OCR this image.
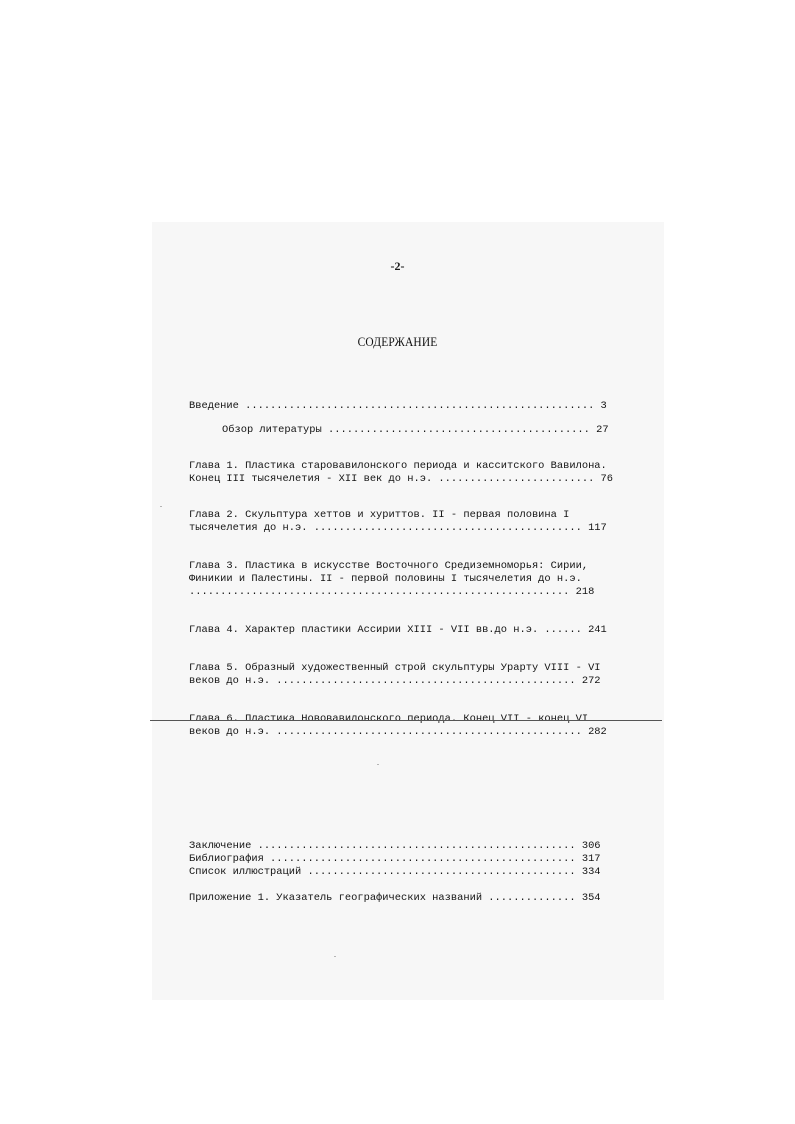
-2-
СОДЕРЖАНИЕ
Введение ........................................................ 3
Обзор литературы .......................................... 27
Глава 1. Пластика старовавилонского периода и касситского Вавилона.
Конец III тысячелетия - XII век до н.э. ......................... 76
Глава 2. Скульптура хеттов и хуриттов. II - первая половина I
тысячелетия до н.э. ........................................... 117
Глава 3. Пластика в искусстве Восточного Средиземноморья: Сирии,
Финикии и Палестины. II - первой половины I тысячелетия до н.э.
............................................................. 218
Глава 4. Характер пластики Ассирии XIII - VII вв.до н.э. ...... 241
Глава 5. Образный художественный строй скульптуры Урарту VIII - VI
веков до н.э. ................................................ 272
Глава 6. Пластика Нововавилонского периода. Конец VII - конец VI
веков до н.э. ................................................. 282
Заключение ................................................... 306
Библиография ................................................. 317
Список иллюстраций ........................................... 334
Приложение 1. Указатель географических названий .............. 354
